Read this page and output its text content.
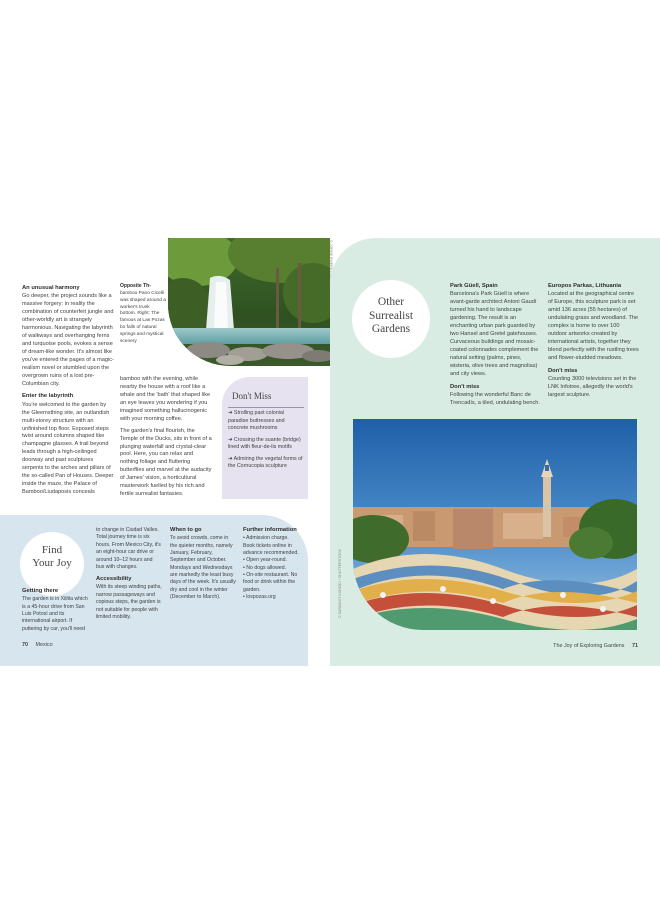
Opposite Th-
bamboo Pano Cicelli was shaped around a worker's trunk bottom. Right: The famous at Las Pozas bo falls of natural springs and mystical scenery
An unusual harmony

Go deeper, the project sounds like a massive forgery: in reality the combination of counterfeit jungle and other-worldly art is strangely harmonious. Navigating the labyrinth of walkways and overhanging ferns and turquoise pools, evokes a sense of dream-like wonder. It's almost like you've entered the pages of a magic-realism novel or stumbled upon the overgrown ruins of a lost pre-Columbian city.

Enter the labyrinth

You're welcomed to the garden by the Gleemsthing site, an outlandish multi-storey structure with an unfinished top floor. Exposed steps twist around columns shaped like champagne glasses. A trail beyond leads through a high-ceilinged doorway and past sculptures serpents to the arches and pillars of the so-called Pan of Houses. Deeper inside the maze, the Palace of Bamboo/Liudaposis conceals

bamboo with the evening, while nearby the house with a roof like a whale and the 'bath' that shaped like an eye leaves you wondering if you imagined something hallucinogenic with your morning coffee.

The garden's final flourish, the Temple of the Ducks, sits in front of a plunging waterfall and crystal-clear pool. Here, you can relax and nothing foliage and fluttering butterflies and marvel at the audacity of James' vision, a horticultural masterwork fuelled by his rich and fertile surrealist fantasies.

Don't Miss

➜ Strolling past colonial paradise buttresses and concrete mushrooms

➜ Crossing the suante (bridge) lined with fleur-de-lis motifs

➜ Admiring the vegetal forms of the Cornucopia sculpture

Find
Your Joy
Getting there

The garden is in Xilitla which is a 45-hour drive from San Luis Potosí and its international airport. If puttering by car, you'll need

to change in Ciudad Valles. Total journey time is six hours. From Mexico City, it's an eight-hour car drive or around 10–12 hours and bus with changes.

Accessibility

With its steep winding paths, narrow passageways and copious steps, the garden is not suitable for people with limited mobility.

When to go

To avoid crowds, come in the quieter months, namely January, February, September and October. Mondays and Wednesdays are markedly the least busy days of the week. It's usually dry and cool in the winter (December to March).

Further information
• Admission charge. Book tickets online in advance recommended.
• Open year-round.
• No dogs allowed.
• On-site restaurant. No food or drink within the garden.
• lospozas.org
70 Mexico
Other
Surrealist
Gardens
Park Güell, Spain

Barcelona's Park Güell is where avant-garde architect Antoni Gaudí turned his hand to landscape gardening. The result is an enchanting urban park guarded by two Hansel and Gretel gatehouses. Curvaceous buildings and mosaic-coated colonnades complement the natural setting (palms, pines, wisteria, olive trees and magnolias) and city views.

Don't miss

Following the wonderful Banc de Trencadís, a tiled, undulating bench.

Europos Parkas, Lithuania

Located at the geographical centre of Europe, this sculpture park is set amid 136 acres (55 hectares) of undulating grass and woodland. The complex is home to over 100 outdoor artworks created by international artists, together they blend perfectly with the rustling trees and flower-studded meadows.

Don't miss

Counting 3000 televisions set in the LNK Infotree, allegedly the world's largest sculpture.

© SARAWUT KUNDEJ / SHUTTERSTOCK
The Joy of Exploring Gardens 71
